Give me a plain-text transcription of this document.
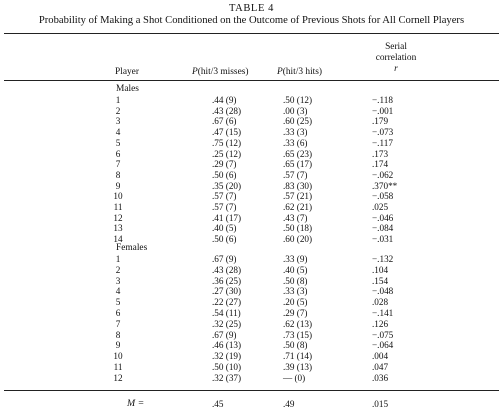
TABLE 4
Probability of Making a Shot Conditioned on the Outcome of Previous Shots for All Cornell Players
Player	P(hit/3 misses)	P(hit/3 hits)
Serial
correlation
r
Males
1	.44 (9)	.50 (12)	−.118
2	.43 (28)	.00 (3)	−.001
3	.67 (6)	.60 (25)	.179
4	.47 (15)	.33 (3)	−.073
5	.75 (12)	.33 (6)	−.117
6	.25 (12)	.65 (23)	.173
7	.29 (7)	.65 (17)	.174
8	.50 (6)	.57 (7)	−.062
9	.35 (20)	.83 (30)	.370**
10	.57 (7)	.57 (21)	−.058
11	.57 (7)	.62 (21)	.025
12	.41 (17)	.43 (7)	−.046
13	.40 (5)	.50 (18)	−.084
14	.50 (6)	.60 (20)	−.031
Females
1	.67 (9)	.33 (9)	−.132
2	.43 (28)	.40 (5)	.104
3	.36 (25)	.50 (8)	.154
4	.27 (30)	.33 (3)	−.048
5	.22 (27)	.20 (5)	.028
6	.54 (11)	.29 (7)	−.141
7	.32 (25)	.62 (13)	.126
8	.67 (9)	.73 (15)	−.075
9	.46 (13)	.50 (8)	−.064
10	.32 (19)	.71 (14)	.004
11	.50 (10)	.39 (13)	.047
12	.32 (37)	— (0)	.036
M =	.45	.49	.015
